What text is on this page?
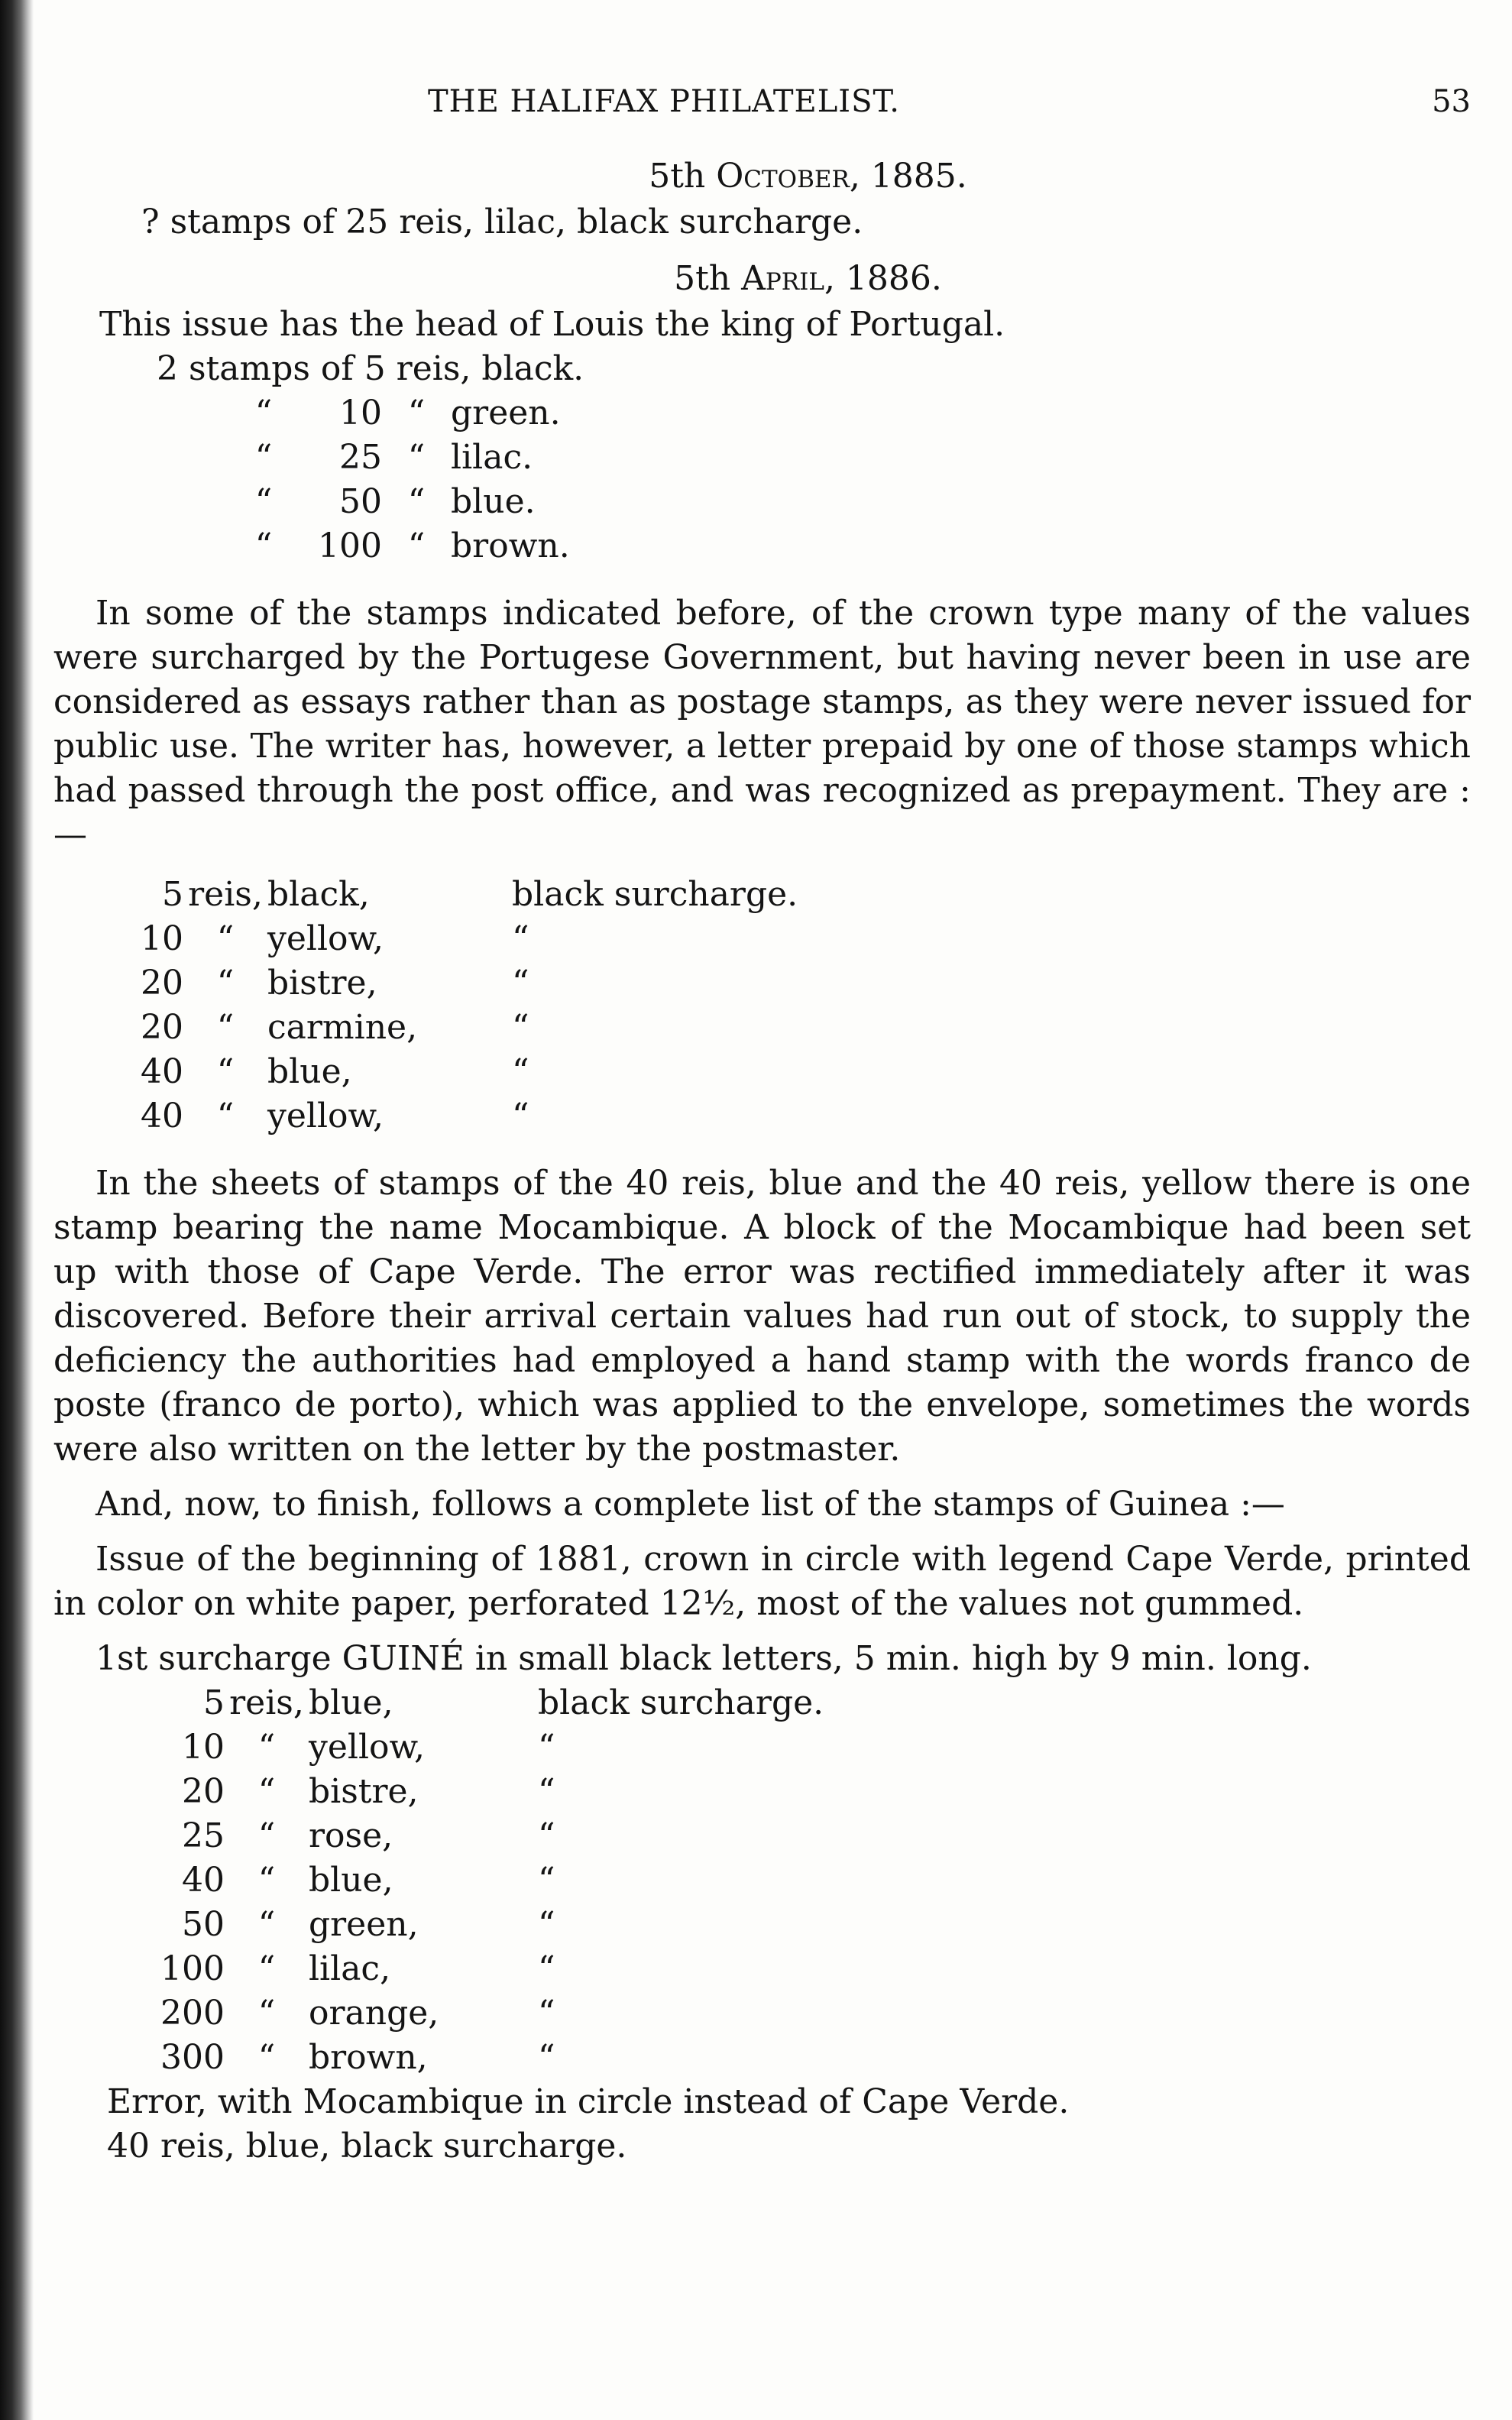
THE HALIFAX PHILATELIST.	53
5th October, 1885.
? stamps of 25 reis, lilac, black surcharge.
5th April, 1886.
This issue has the head of Louis the king of Portugal.
2 stamps of 5 reis, black.
“	10	“	green.
“	25	“	lilac.
“	50	“	blue.
“	100	“	brown.

In some of the stamps indicated before, of the crown type many of the values were surcharged by the Portugese Government, but having never been in use are considered as essays rather than as postage stamps, as they were never issued for public use. The writer has, however, a letter prepaid by one of those stamps which had passed through the post office, and was recognized as prepayment. They are :—

5	reis,	black,	black surcharge.
10	“	yellow,	“
20	“	bistre,	“
20	“	carmine,	“
40	“	blue,	“
40	“	yellow,	“

In the sheets of stamps of the 40 reis, blue and the 40 reis, yellow there is one stamp bearing the name Mocambique. A block of the Mocambique had been set up with those of Cape Verde. The error was rectified immediately after it was discovered. Before their arrival certain values had run out of stock, to supply the deficiency the authorities had employed a hand stamp with the words franco de poste (franco de porto), which was applied to the envelope, sometimes the words were also written on the letter by the postmaster.

And, now, to finish, follows a complete list of the stamps of Guinea :—

Issue of the beginning of 1881, crown in circle with legend Cape Verde, printed in color on white paper, perforated 12½, most of the values not gummed.

1st surcharge GUINÉ in small black letters, 5 min. high by 9 min. long.
5	reis,	blue,	black surcharge.
10	“	yellow,	“
20	“	bistre,	“
25	“	rose,	“
40	“	blue,	“
50	“	green,	“
100	“	lilac,	“
200	“	orange,	“
300	“	brown,	“
Error, with Mocambique in circle instead of Cape Verde.
40 reis, blue, black surcharge.
